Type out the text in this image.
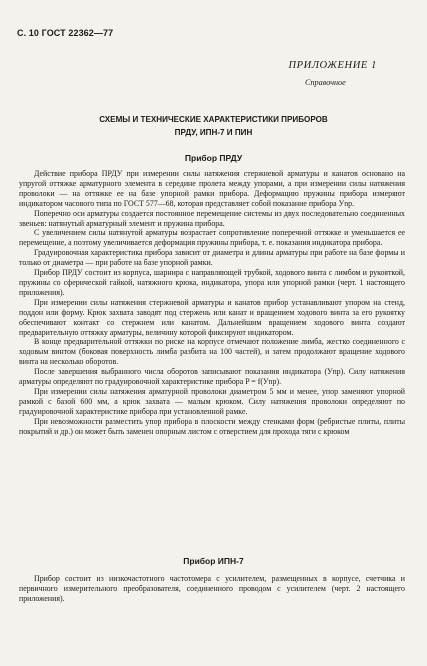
С. 10 ГОСТ 22362—77
ПРИЛОЖЕНИЕ 1
Справочное
СХЕМЫ И ТЕХНИЧЕСКИЕ ХАРАКТЕРИСТИКИ ПРИБОРОВ
ПРДУ, ИПН-7 И ПИН
Прибор ПРДУ

Действие прибора ПРДУ при измерении силы натяжения стержневой арматуры и канатов основано на упругой оттяжке арматурного элемента в середине пролета между упорами, а при измерении силы натяжения проволоки — на оттяжке ее на базе упорной рамки прибора. Деформацию пружины прибора измеряют индикатором часового типа по ГОСТ 577—68, которая представляет собой показание прибора Уnp.

Поперечно оси арматуры создается постоянное перемещение системы из двух последовательно соединенных звеньев: натянутый арматурный элемент и пружина прибора.

С увеличением силы натянутой арматуры возрастает сопротивление поперечной оттяжке и уменьшается ее перемещение, а поэтому увеличивается деформация пружины прибора, т. е. показания индикатора прибора.

Градуировочная характеристика прибора зависит от диаметра и длины арматуры при работе на базе формы и только от диаметра — при работе на базе упорной рамки.

Прибор ПРДУ состоит из корпуса, шарнира с направляющей трубкой, ходового винта с лимбом и рукояткой, пружины со сферической гайкой, натяжного крюка, индикатора, упора или упорной рамки (черт. 1 настоящего приложения).

При измерении силы натяжения стержневой арматуры и канатов прибор устанавливают упором на стенд, поддон или форму. Крюк захвата заводят под стержень или канат и вращением ходового винта за его рукоятку обеспечивают контакт со стержнем или канатом. Дальнейшим вращением ходового винта создают предварительную оттяжку арматуры, величину которой фиксируют индикатором.

В конце предварительной оттяжки по риске на корпусе отмечают положение лимба, жестко соединенного с ходовым винтом (боковая поверхность лимба разбита на 100 частей), и затем продолжают вращение ходового винта на несколько оборотов.

После завершения выбранного числа оборотов записывают показания индикатора (Уnp). Силу натяжения арматуры определяют по градуировочной характеристике прибора P = f(Уnp).

При измерении силы натяжения арматурной проволоки диаметром 5 мм и менее, упор заменяют упорной рамкой с базой 600 мм, а крюк захвата — малым крюком. Силу натяжения проволоки определяют по градуировочной характеристике прибора при установленной рамке.

При невозможности разместить упор прибора в плоскости между стенками форм (ребристые плиты, плиты покрытий и др.) он может быть заменен опорным листом с отверстием для прохода тяги с крюком

Прибор ИПН-7

Прибор состоит из низкочастотного частотомера с усилителем, размещенных в корпусе, счетчика и первичного измерительного преобразователя, соединенного проводом с усилителем (черт. 2 настоящего приложения).
